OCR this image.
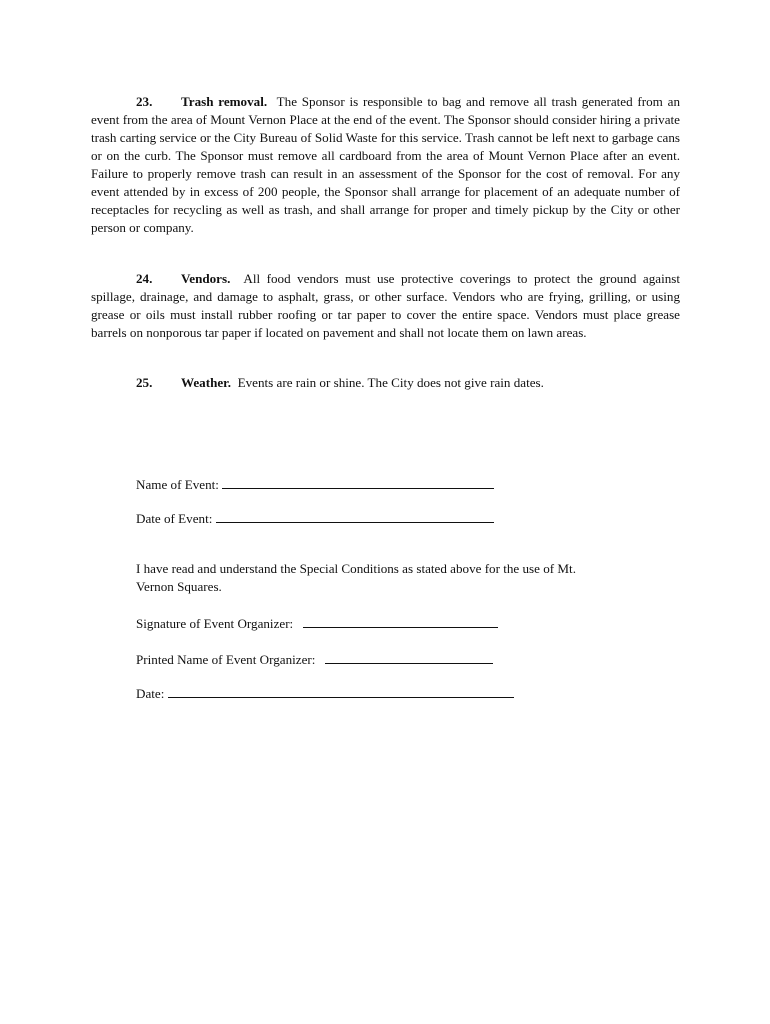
23. Trash removal. The Sponsor is responsible to bag and remove all trash generated from an event from the area of Mount Vernon Place at the end of the event. The Sponsor should consider hiring a private trash carting service or the City Bureau of Solid Waste for this service. Trash cannot be left next to garbage cans or on the curb. The Sponsor must remove all cardboard from the area of Mount Vernon Place after an event. Failure to properly remove trash can result in an assessment of the Sponsor for the cost of removal. For any event attended by in excess of 200 people, the Sponsor shall arrange for placement of an adequate number of receptacles for recycling as well as trash, and shall arrange for proper and timely pickup by the City or other person or company.

24. Vendors. All food vendors must use protective coverings to protect the ground against spillage, drainage, and damage to asphalt, grass, or other surface. Vendors who are frying, grilling, or using grease or oils must install rubber roofing or tar paper to cover the entire space. Vendors must place grease barrels on nonporous tar paper if located on pavement and shall not locate them on lawn areas.

25. Weather. Events are rain or shine. The City does not give rain dates.

Name of Event:
Date of Event:

I have read and understand the Special Conditions as stated above for the use of Mt. Vernon Squares.

Signature of Event Organizer:
Printed Name of Event Organizer:
Date:
